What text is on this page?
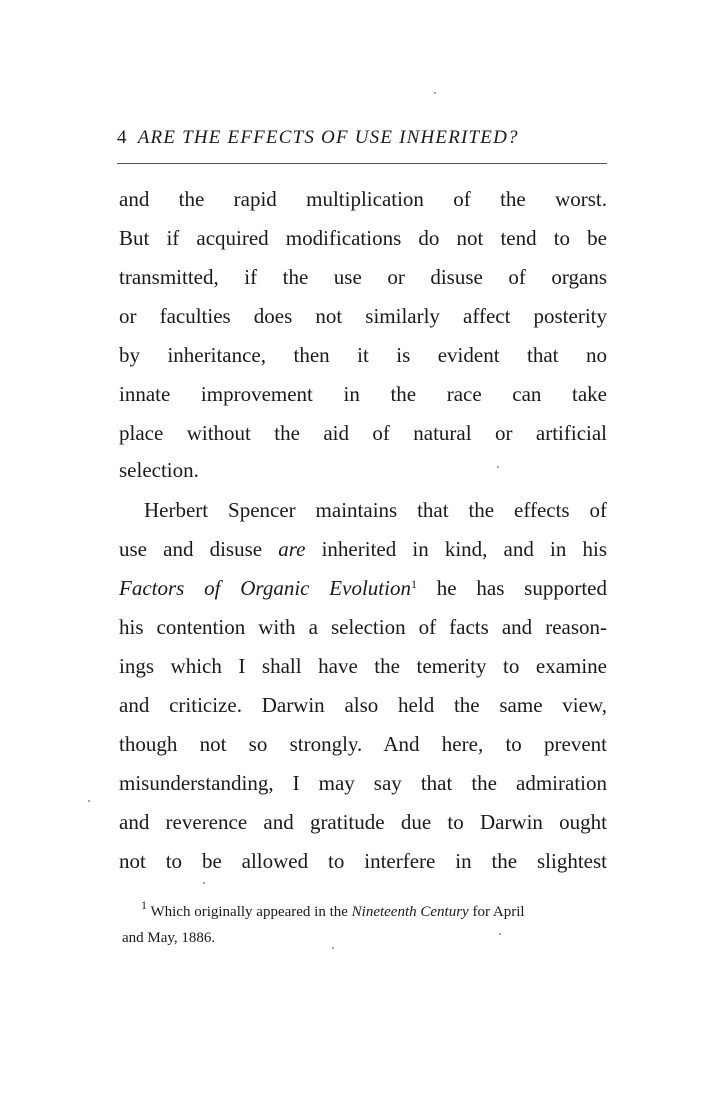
4 ARE THE EFFECTS OF USE INHERITED?
and the rapid multiplication of the worst.
But if acquired modifications do not tend to be
transmitted, if the use or disuse of organs
or faculties does not similarly affect posterity
by inheritance, then it is evident that no
innate improvement in the race can take
place without the aid of natural or artificial
selection.
Herbert Spencer maintains that the effects of
use and disuse are inherited in kind, and in his
Factors of Organic Evolution$^1$ he has supported
his contention with a selection of facts and reason-
ings which I shall have the temerity to examine
and criticize. Darwin also held the same view,
though not so strongly. And here, to prevent
misunderstanding, I may say that the admiration
and reverence and gratitude due to Darwin ought
not to be allowed to interfere in the slightest
$^1$ Which originally appeared in the Nineteenth Century for April
and May, 1886.
